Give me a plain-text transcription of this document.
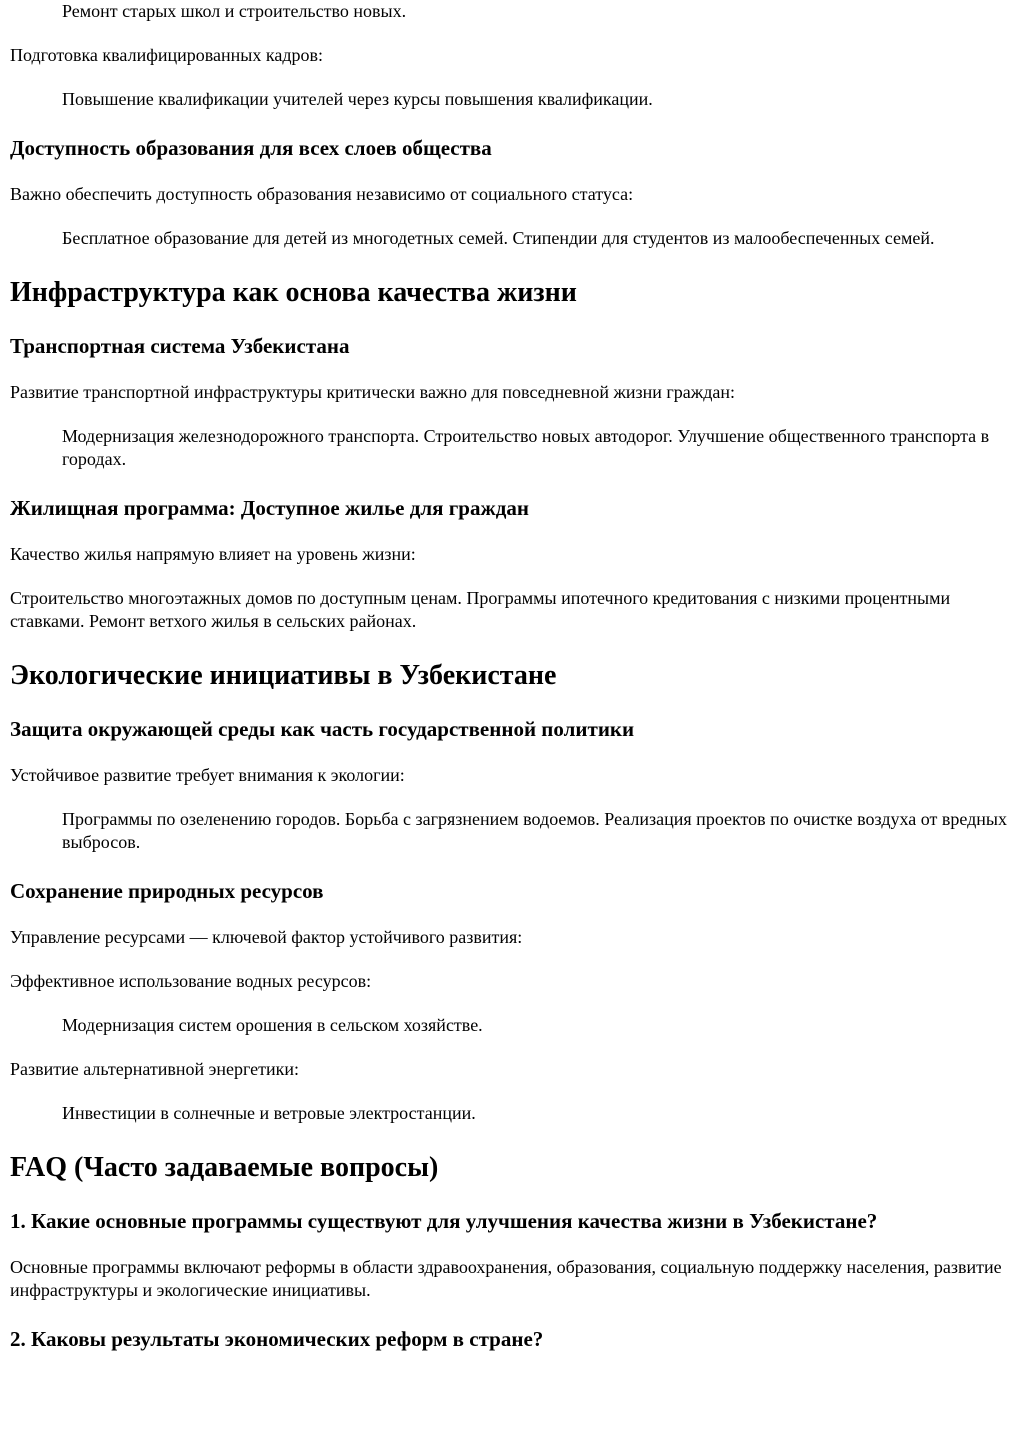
Ремонт старых школ и строительство новых.

Подготовка квалифицированных кадров:

Повышение квалификации учителей через курсы повышения квалификации.

Доступность образования для всех слоев общества

Важно обеспечить доступность образования независимо от социального статуса:

Бесплатное образование для детей из многодетных семей. Стипендии для студентов из малообеспеченных семей.

Инфраструктура как основа качества жизни
Транспортная система Узбекистана

Развитие транспортной инфраструктуры критически важно для повседневной жизни граждан:

Модернизация железнодорожного транспорта. Строительство новых автодорог. Улучшение общественного транспорта в городах.

Жилищная программа: Доступное жилье для граждан

Качество жилья напрямую влияет на уровень жизни:

Строительство многоэтажных домов по доступным ценам. Программы ипотечного кредитования с низкими процентными ставками. Ремонт ветхого жилья в сельских районах.

Экологические инициативы в Узбекистане
Защита окружающей среды как часть государственной политики

Устойчивое развитие требует внимания к экологии:

Программы по озеленению городов. Борьба с загрязнением водоемов. Реализация проектов по очистке воздуха от вредных выбросов.

Сохранение природных ресурсов

Управление ресурсами — ключевой фактор устойчивого развития:

Эффективное использование водных ресурсов:

Модернизация систем орошения в сельском хозяйстве.

Развитие альтернативной энергетики:

Инвестиции в солнечные и ветровые электростанции.

FAQ (Часто задаваемые вопросы)
1. Какие основные программы существуют для улучшения качества жизни в Узбекистане?

Основные программы включают реформы в области здравоохранения, образования, социальную поддержку населения, развитие инфраструктуры и экологические инициативы.

2. Каковы результаты экономических реформ в стране?
